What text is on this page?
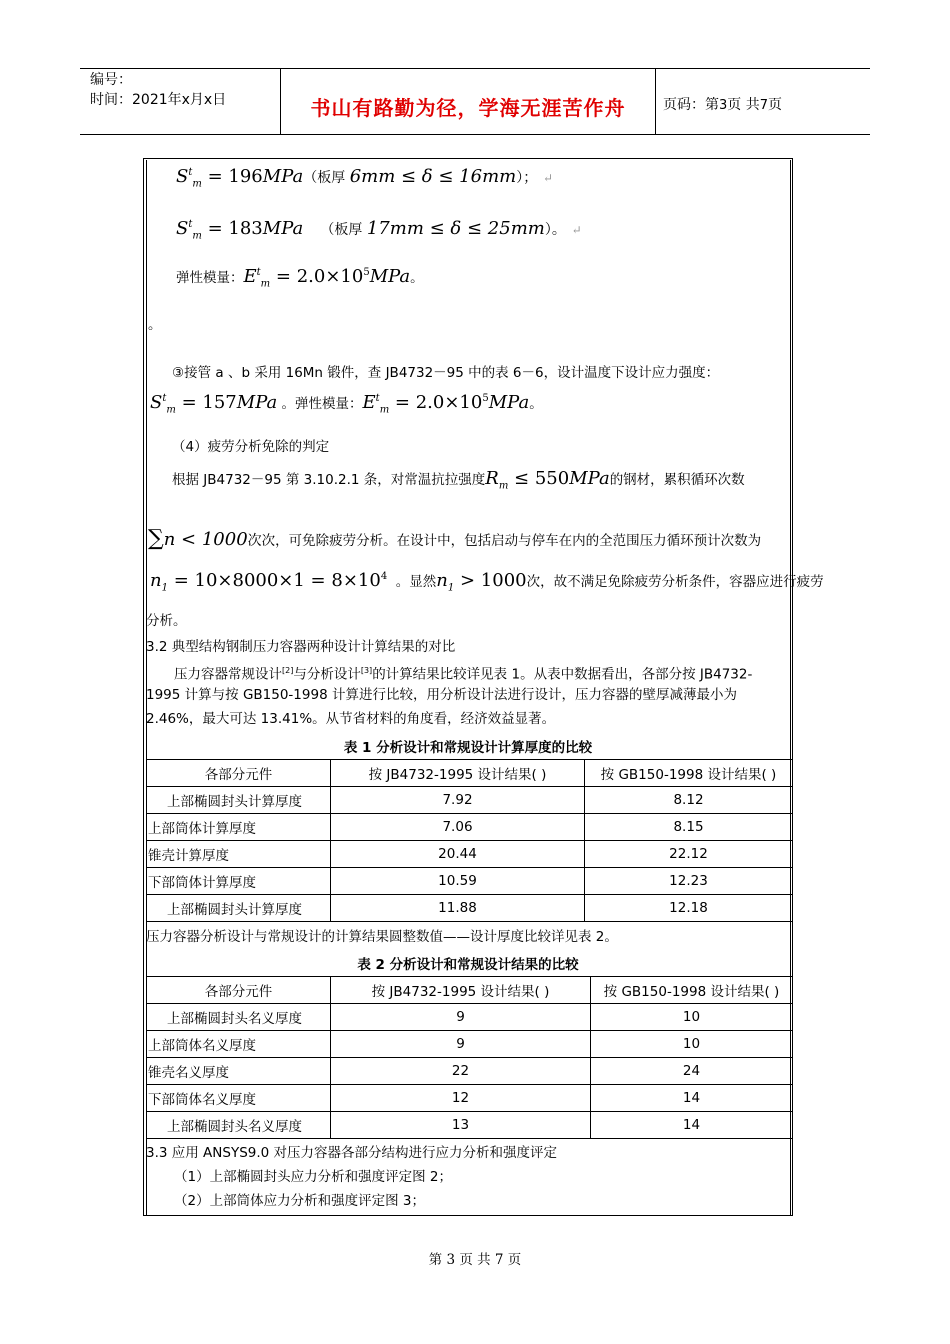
编号：
时间：2021年x月x日	书山有路勤为径，学海无涯苦作舟	页码：第3页 共7页
$S^t_m = 196MPa$（板厚 6mm ≤ δ ≤ 16mm）； ↵
$S^t_m = 183MPa$ （板厚 17mm ≤ δ ≤ 25mm）。 ↵
弹性模量：$E^t_m = 2.0\times 10^5MPa$。
。
③接管 a 、b 采用 16Mn 锻件，查 JB4732－95 中的表 6－6，设计温度下设计应力强度：
$S^t_m = 157MPa$ 。弹性模量：$E^t_m = 2.0\times 10^5MPa$。
（4）疲劳分析免除的判定
根据 JB4732－95 第 3.10.2.1 条，对常温抗拉强度$R_m \le 550MPa$的钢材，累积循环次数
∑n < 1000次次，可免除疲劳分析。在设计中，包括启动与停车在内的全范围压力循环预计次数为
$n_1 = 10\times 8000\times 1 = 8\times 10^4$ 。显然$n_1 > 1000$次，故不满足免除疲劳分析条件，容器应进行疲劳
分析。
3.2 典型结构钢制压力容器两种设计计算结果的对比
压力容器常规设计[2]与分析设计[3]的计算结果比较详见表 1。从表中数据看出，各部分按 JB4732-
1995 计算与按 GB150-1998 计算进行比较，用分析设计法进行设计，压力容器的壁厚减薄最小为
2.46%，最大可达 13.41%。从节省材料的角度看，经济效益显著。
表 1 分析设计和常规设计计算厚度的比较
各部分元件	按 JB4732-1995 设计结果( )	按 GB150-1998 设计结果( )
上部椭圆封头计算厚度	7.92	8.12
上部筒体计算厚度	7.06	8.15
锥壳计算厚度	20.44	22.12
下部筒体计算厚度	10.59	12.23
上部椭圆封头计算厚度	11.88	12.18
压力容器分析设计与常规设计的计算结果圆整数值——设计厚度比较详见表 2。
表 2 分析设计和常规设计结果的比较
各部分元件	按 JB4732-1995 设计结果( )	按 GB150-1998 设计结果( )
上部椭圆封头名义厚度	9	10
上部筒体名义厚度	9	10
锥壳名义厚度	22	24
下部筒体名义厚度	12	14
上部椭圆封头名义厚度	13	14
3.3 应用 ANSYS9.0 对压力容器各部分结构进行应力分析和强度评定
（1）上部椭圆封头应力分析和强度评定图 2；
（2）上部筒体应力分析和强度评定图 3；
第 3 页 共 7 页
